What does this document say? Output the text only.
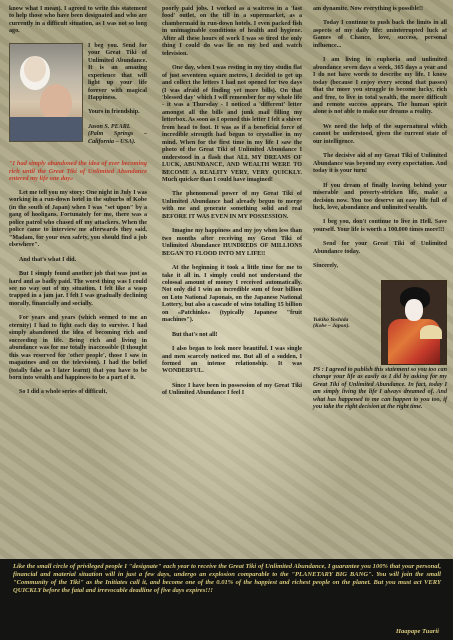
know what I mean). I agreed to write this statement to help those who have been designated and who are currently in a difficult situation, as I was not so long ago.

I beg you. Send for your Great Tiki of Unlimited Abundance. It is an amazing experience that will light up your life forever with magical Happiness.

Yours in friendship.

Jason S. PEARL
(Palm Springs – California – USA).

"I had simply abandoned the idea of ever becoming rich until the Great Tiki of Unlimited Abundance entered my life one day»

Let me tell you my story: One night in July I was working in a run-down hotel in the suburbs of Kobe (in the south of Japan) when I was "set upon" by a gang of hooligans. Fortunately for me, there was a police patrol who chased off my attackers. When the police came to interview me afterwards they said, "Madam, for your own safety, you should find a job elsewhere".

And that's what I did.

But I simply found another job that was just as hard and as badly paid. The worst thing was I could see no way out of my situation. I felt like a wasp trapped in a jam jar. I felt I was gradually declining morally, financially and socially.

For years and years (which seemed to me an eternity) I had to fight each day to survive. I had simply abandoned the idea of becoming rich and succeeding in life. Being rich and living in abundance was for me totally inaccessible (I thought this was reserved for 'other people', those I saw in magazines and on the television). I had the belief (totally false as I later learnt) that you have to be born into wealth and happiness to be a part of it.

So I did a whole series of difficult,

poorly paid jobs. I worked as a waitress in a 'fast food' outlet, on the till in a supermarket, as a chambermaid in run-down hotels. I even packed fish in unimaginable conditions of health and hygiene. After all these hours of work I was so tired the only thing I could do was lie on my bed and watch television.

One day, when I was resting in my tiny studio flat of just seventeen square metres, I decided to get up and collect the letters I had not opened for two days (I was afraid of finding yet more bills). On that 'blessed day' which I will remember for my whole life - it was a Thursday - I noticed a 'different' letter amongst all the bills and junk mail filling my letterbox. As soon as I opened this letter I felt a shiver from head to foot. It was as if a beneficial force of incredible strength had begun to crystallise in my mind. When for the first time in my life I saw the photo of the Great Tiki of Unlimited Abundance I understood in a flash that ALL MY DREAMS OF LUCK, ABUNDANCE, AND WEALTH WERE TO BECOME A REALITY VERY, VERY QUICKLY. Much quicker than I could have imagined!

The phenomenal power of my Great Tiki of Unlimited Abundance had already begun to merge with me and generate something solid and real BEFORE IT WAS EVEN IN MY POSSESSION.

Imagine my happiness and my joy when less than two months after receiving my Great Tiki of Unlimited Abundance HUNDREDS OF MILLIONS BEGAN TO FLOOD INTO MY LIFE!!

At the beginning it took a little time for me to take it all in. I simply could not understand the colossal amount of money I received automatically. Not only did I win an incredible sum of four billion on Loto National Japonais, on the Japanese National Lottery, but also a cascade of wins totalling 15 billion on «Patchinko» (typically Japanese "fruit machines").

But that's not all!

I also began to look more beautiful. I was single and men scarcely noticed me. But all of a sudden, I formed an intense relationship. It was WONDERFUL.

Since I have been in possession of my Great Tiki of Unlimited Abundance I feel I

am dynamite. Now everything is possible!!

Today I continue to push back the limits in all aspects of my daily life: uninterrupted luck at Games of Chance, love, success, personal influence...

I am living in euphoria and unlimited abundance seven days a week, 365 days a year and I do not have words to describe my life. I know today (because I enjoy every second that passes) that the more you struggle to become lucky, rich and free, to live in total wealth, the more difficult and remote success appears. The human spirit alone is not able to make our dreams a reality.

We need the help of the supernatural which cannot be understood, given the current state of our intelligence.

The decisive aid of my Great Tiki of Unlimited Abundance was beyond my every expectation. And today it is your turn!

If you dream of finally leaving behind your miserable and poverty-stricken life, make a decision now. You too deserve an easy life full of luck, love, abundance and unlimited wealth.

I beg you, don't continue to live in Hell. Save yourself. Your life is worth a 100.000 times more!!!

Send for your Great Tiki of Unlimited Abundance today.

Sincerely,

Yukiko Yoshida
(Kobe – Japon).

PS : I agreed to publish this statement so you too can change your life as easily as I did by asking for my Great Tiki of Unlimited Abundance. In fact, today I am simply living the life I always dreamed of. And what has happened to me can happen to you too, if you take the right decision at the right time.

Like the small circle of privileged people I "designate" each year to receive the Great Tiki of Unlimited Abundance, I guarantee you 100% that your personal, financial and material situation will in just a few days, undergo an explosion comparable to the "PLANETARY BIG BANG". You will join the small "Community of the Tiki" as the Initiates call it, and become one of the 0.01% of the happiest and richest people on the planet. But you must act VERY QUICKLY before the fatal and irrevocable deadline of five days expires!!!
Haapape Tuarii
